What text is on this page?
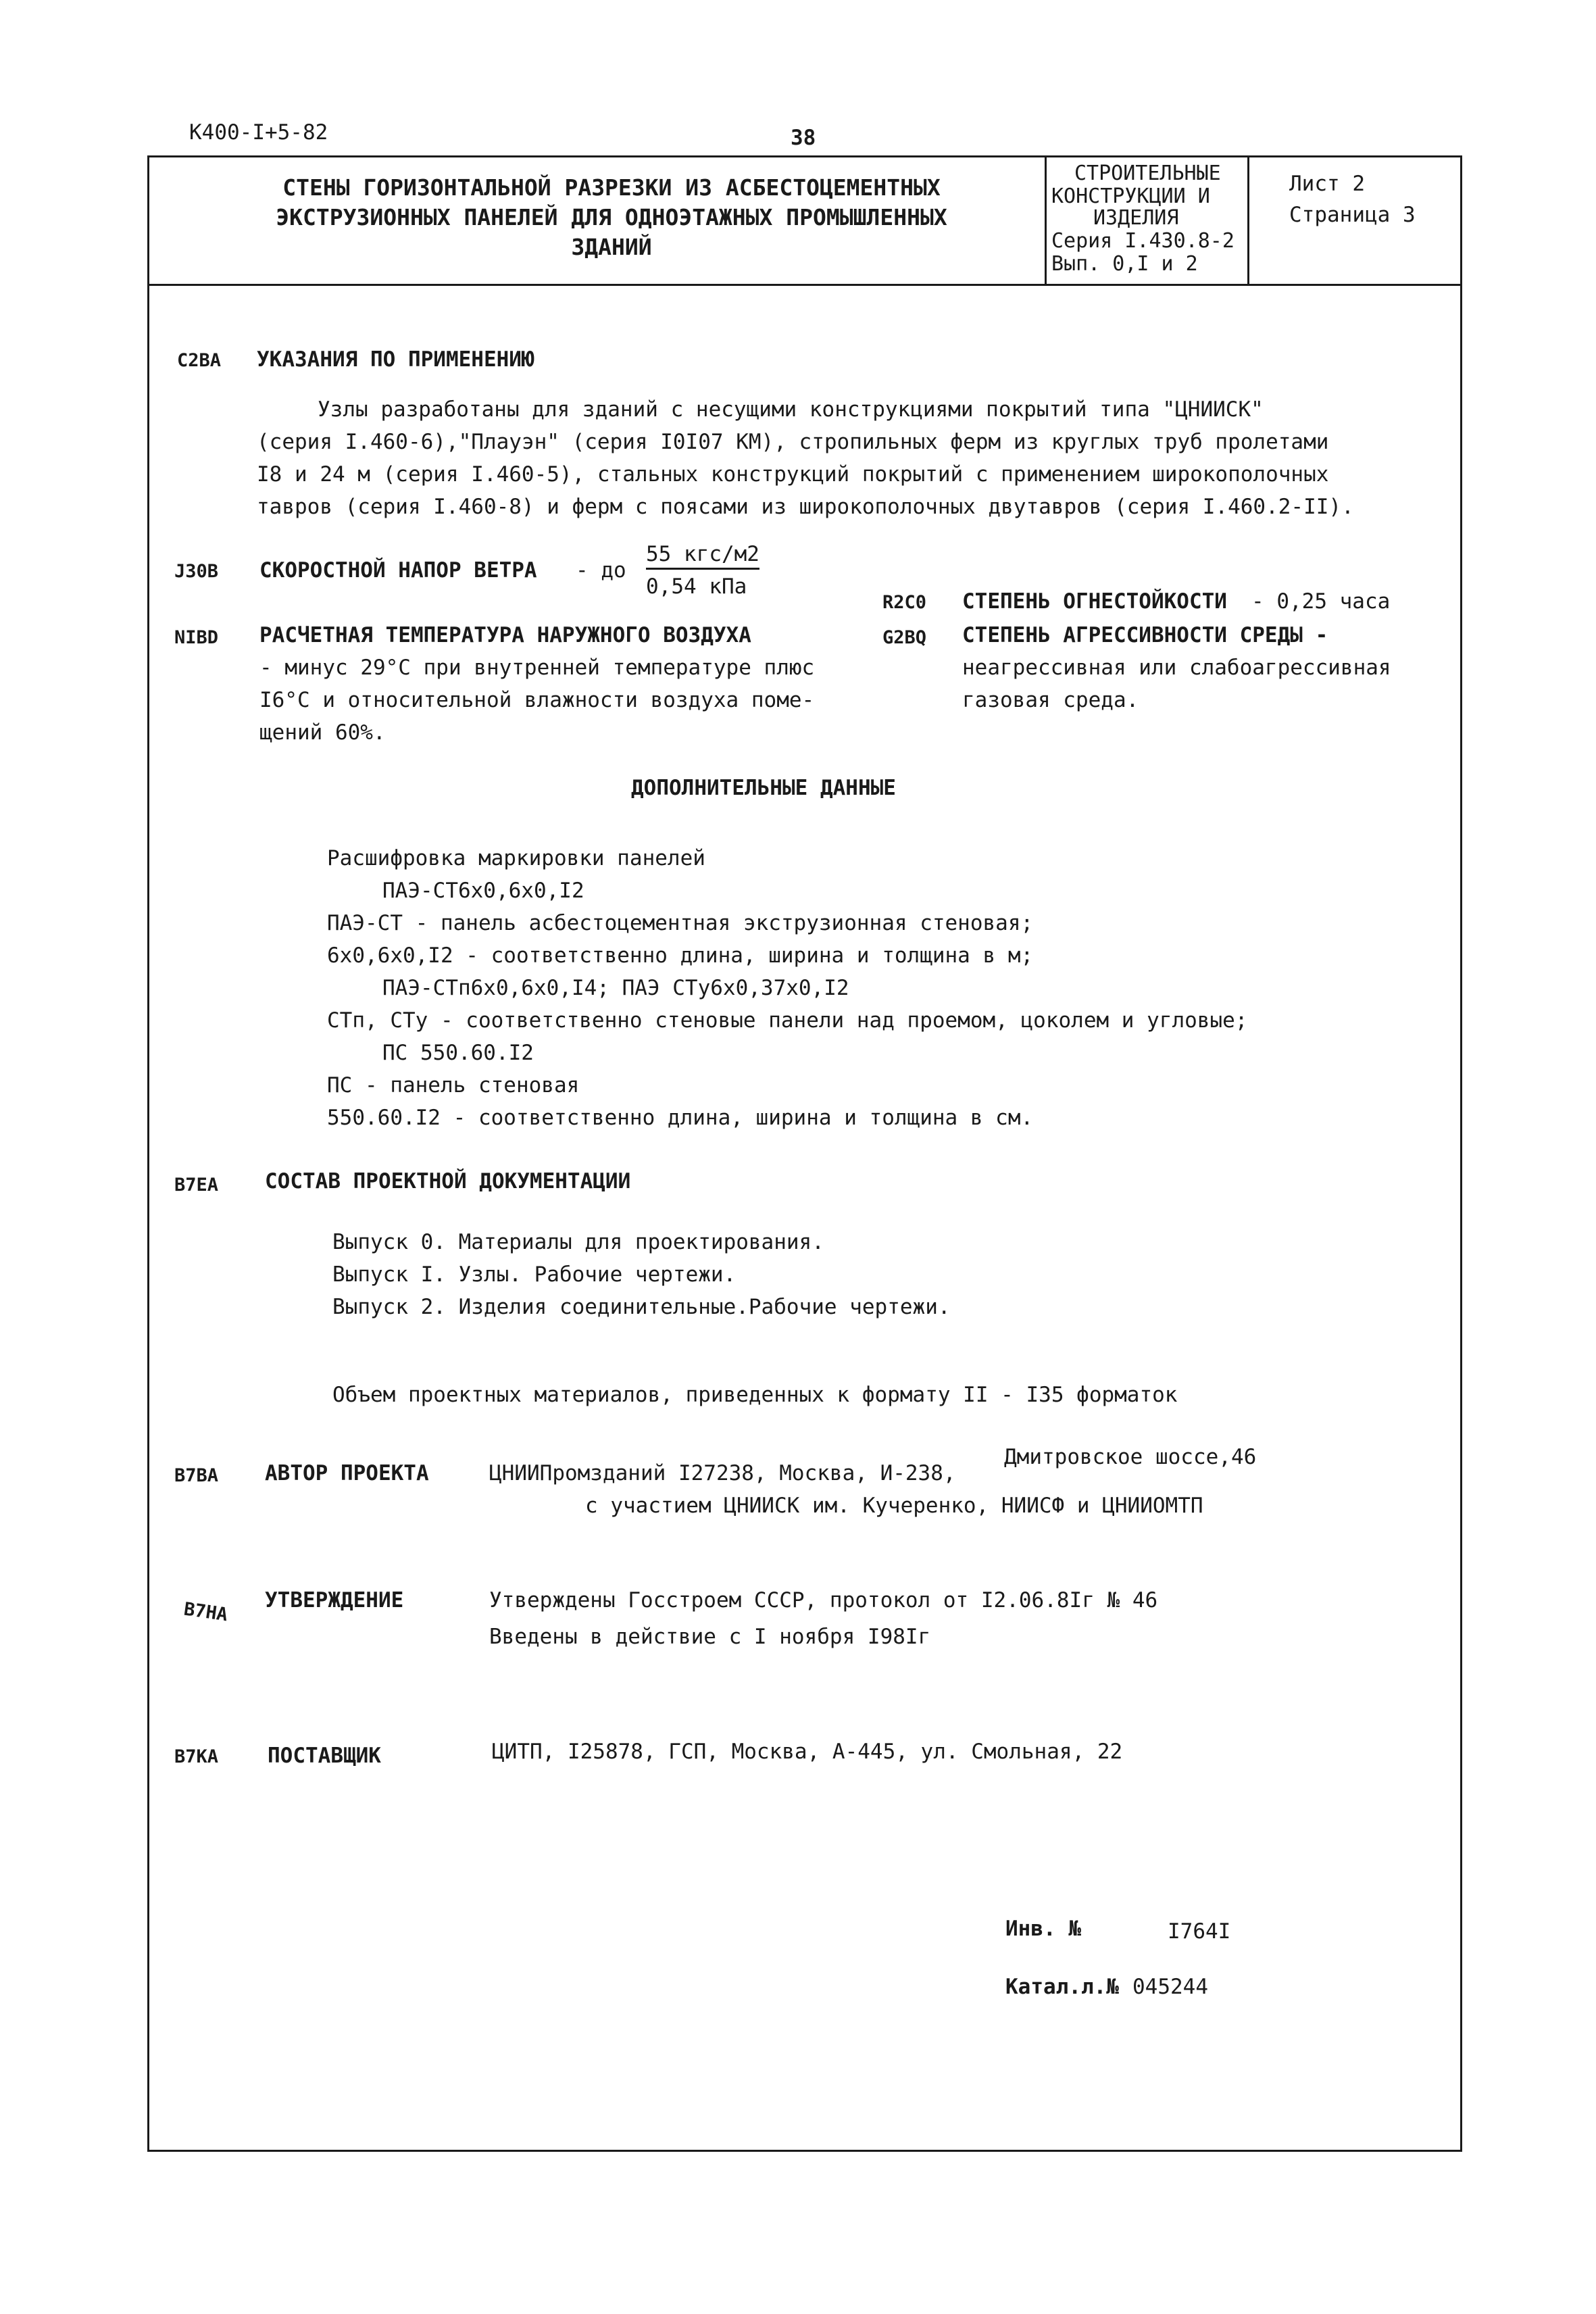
К400-I+5-82	38
СТЕНЫ ГОРИЗОНТАЛЬНОЙ РАЗРЕЗКИ ИЗ АСБЕСТОЦЕМЕНТНЫХ
ЭКСТРУЗИОННЫХ ПАНЕЛЕЙ ДЛЯ ОДНОЭТАЖНЫХ ПРОМЫШЛЕННЫХ
ЗДАНИЙ
СТРОИТЕЛЬНЫЕ
КОНСТРУКЦИИ И
ИЗДЕЛИЯ
Серия I.430.8-2
Вып. 0,I и 2
Лист 2
Страница 3
С2ВА УКАЗАНИЯ ПО ПРИМЕНЕНИЮ
Узлы разработаны для зданий с несущими конструкциями покрытий типа "ЦНИИСК"
(серия I.460-6),"Плауэн" (серия I0I07 КМ), стропильных ферм из круглых труб пролетами
I8 и 24 м (серия I.460-5), стальных конструкций покрытий с применением широкополочных
тавров (серия I.460-8) и ферм с поясами из широкополочных двутавров (серия I.460.2-II).
J30В СКОРОСТНОЙ НАПОР ВЕТРА - до
55 кгс/м2
0,54 кПа
R2С0 СТЕПЕНЬ ОГНЕСТОЙКОСТИ - 0,25 часа
NIBD РАСЧЕТНАЯ ТЕМПЕРАТУРА НАРУЖНОГО ВОЗДУХА
- минус 29°С при внутренней температуре плюс
I6°С и относительной влажности воздуха поме-
щений 60%.
G2BQ СТЕПЕНЬ АГРЕССИВНОСТИ СРЕДЫ -
неагрессивная или слабоагрессивная
газовая среда.
ДОПОЛНИТЕЛЬНЫЕ ДАННЫЕ
Расшифровка маркировки панелей
ПАЭ-СТ6х0,6х0,I2
ПАЭ-СТ - панель асбестоцементная экструзионная стеновая;
6х0,6х0,I2 - соответственно длина, ширина и толщина в м;
ПАЭ-СТп6х0,6х0,I4; ПАЭ СТу6х0,37х0,I2
СТп, СТу - соответственно стеновые панели над проемом, цоколем и угловые;
ПС 550.60.I2
ПС - панель стеновая
550.60.I2 - соответственно длина, ширина и толщина в см.
В7ЕА СОСТАВ ПРОЕКТНОЙ ДОКУМЕНТАЦИИ
Выпуск 0. Материалы для проектирования.
Выпуск I. Узлы. Рабочие чертежи.
Выпуск 2. Изделия соединительные.Рабочие чертежи.
Объем проектных материалов, приведенных к формату II - I35 форматок
В7ВА АВТОР ПРОЕКТА	ЦНИИПромзданий I27238, Москва, И-238,
Дмитровское шоссе,46
с участием ЦНИИСК им. Кучеренко, НИИСФ и ЦНИИОМТП
В7НА УТВЕРЖДЕНИЕ	Утверждены Госстроем СССР, протокол от I2.06.8Iг № 46
Введены в действие с I ноября I98Iг
В7КА ПОСТАВЩИК	ЦИТП, I25878, ГСП, Москва, А-445, ул. Смольная, 22
Инв. №	I764I
Катал.л.№ 045244
